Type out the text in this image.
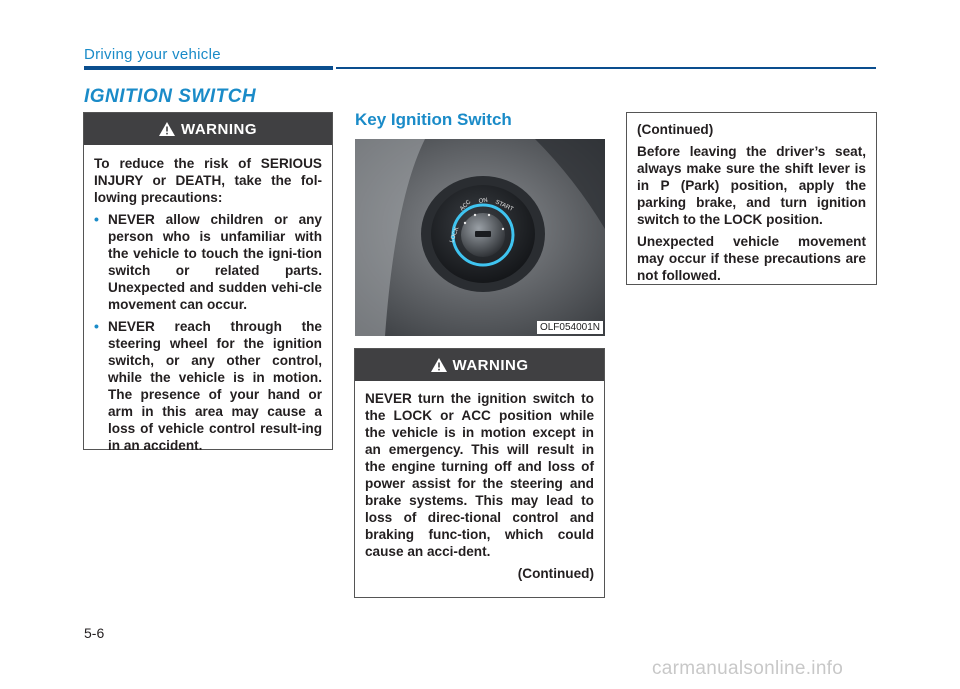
Driving your vehicle
IGNITION SWITCH
WARNING

To reduce the risk of SERIOUS INJURY or DEATH, take the fol-lowing precautions:

• NEVER allow children or any person who is unfamiliar with the vehicle to touch the igni-tion switch or related parts. Unexpected and sudden vehi-cle movement can occur.
• NEVER reach through the steering wheel for the ignition switch, or any other control, while the vehicle is in motion. The presence of your hand or arm in this area may cause a loss of vehicle control result-ing in an accident.
Key Ignition Switch
LOCK
ACC ON START
OLF054001N
WARNING

NEVER turn the ignition switch to the LOCK or ACC position while the vehicle is in motion except in an emergency. This will result in the engine turning off and loss of power assist for the steering and brake systems. This may lead to loss of direc-tional control and braking func-tion, which could cause an acci-dent.

(Continued)

(Continued)

Before leaving the driver’s seat, always make sure the shift lever is in P (Park) position, apply the parking brake, and turn ignition switch to the LOCK position.

Unexpected vehicle movement may occur if these precautions are not followed.

5-6
carmanualsonline.info
